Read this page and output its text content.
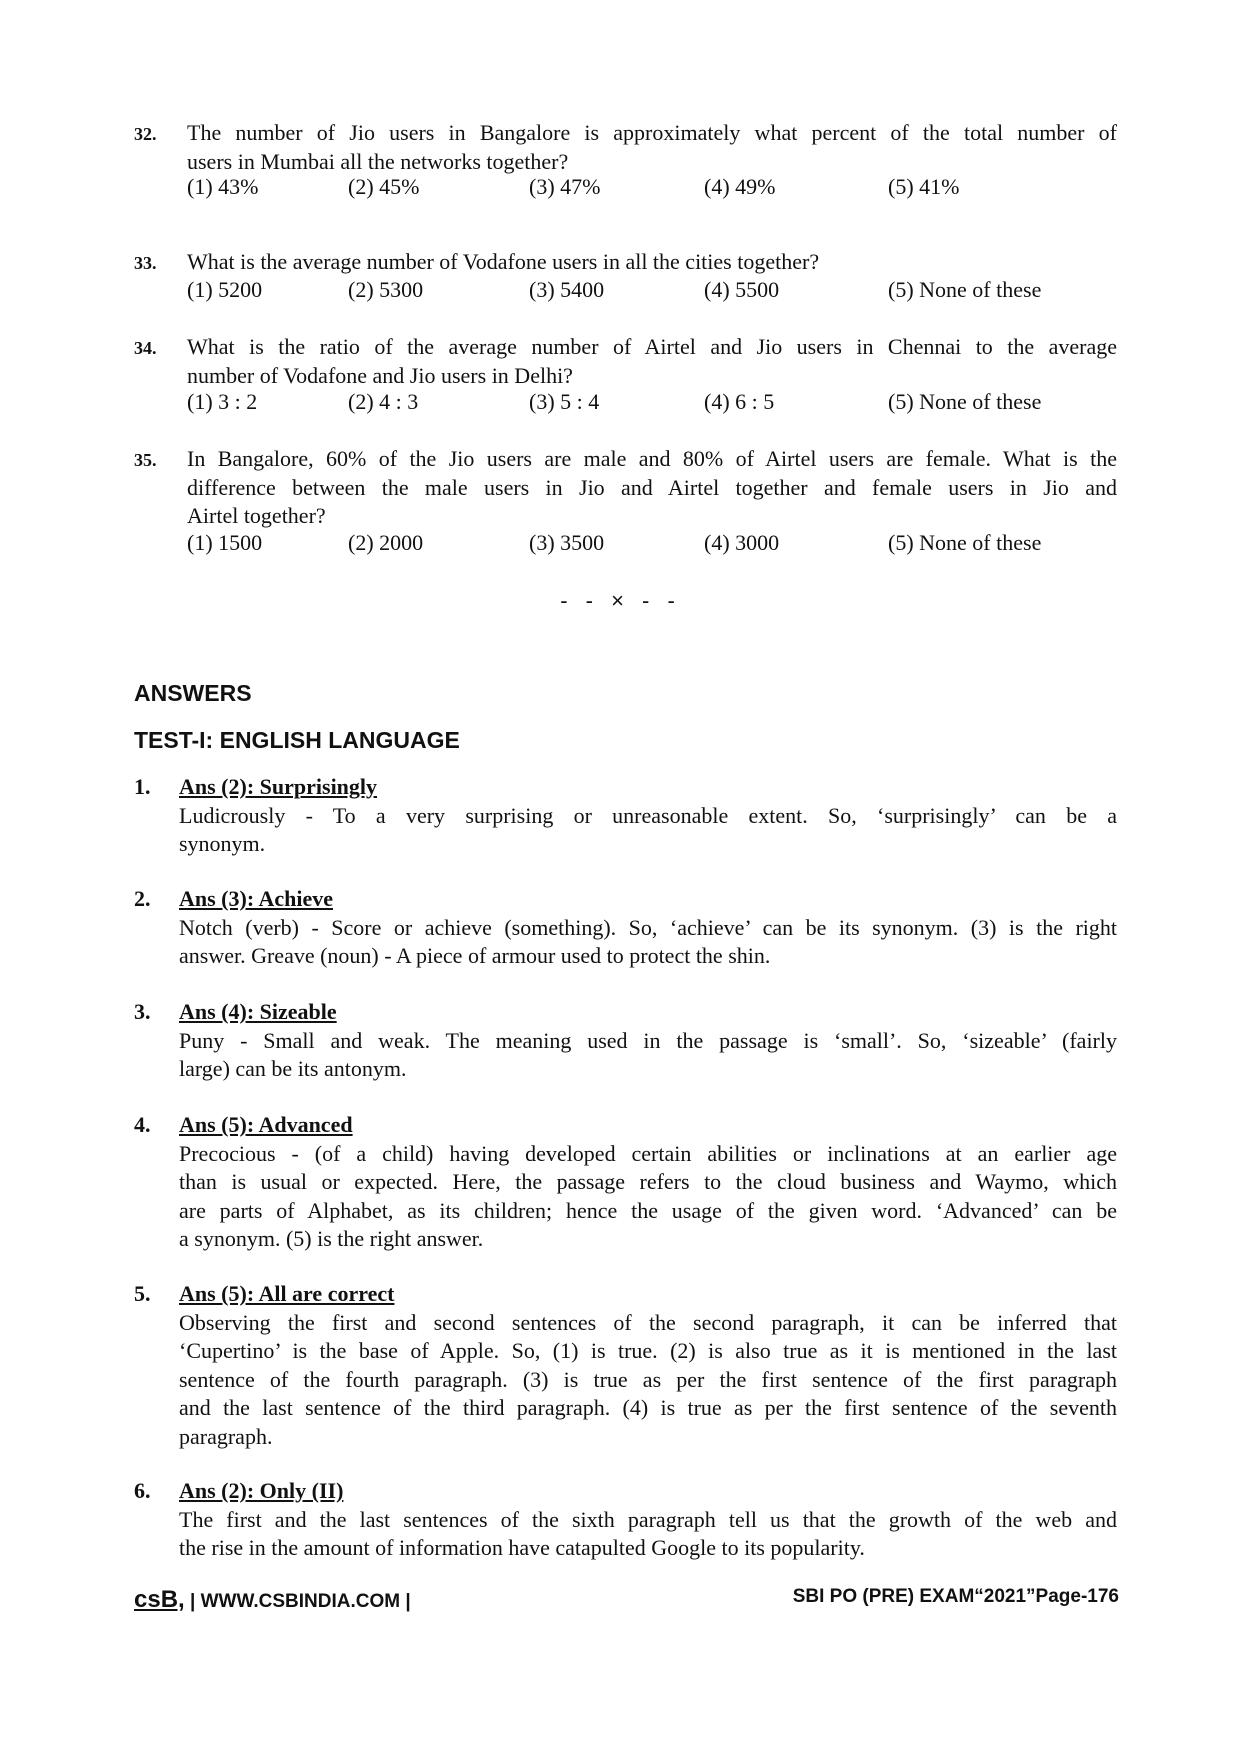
32. The number of Jio users in Bangalore is approximately what percent of the total number of
users in Mumbai all the networks together?
(1) 43%	(2) 45%	(3) 47%	(4) 49%	(5) 41%
33. What is the average number of Vodafone users in all the cities together?
(1) 5200	(2) 5300	(3) 5400	(4) 5500	(5) None of these
34. What is the ratio of the average number of Airtel and Jio users in Chennai to the average
number of Vodafone and Jio users in Delhi?
(1) 3 : 2	(2) 4 : 3	(3) 5 : 4	(4) 6 : 5	(5) None of these
35. In Bangalore, 60% of the Jio users are male and 80% of Airtel users are female. What is the
difference between the male users in Jio and Airtel together and female users in Jio and
Airtel together?
(1) 1500	(2) 2000	(3) 3500	(4) 3000	(5) None of these
- - × - -
ANSWERS
TEST-I: ENGLISH LANGUAGE
1. Ans (2): Surprisingly
Ludicrously - To a very surprising or unreasonable extent. So, ‘surprisingly’ can be a
synonym.
2. Ans (3): Achieve
Notch (verb) - Score or achieve (something). So, ‘achieve’ can be its synonym. (3) is the right
answer. Greave (noun) - A piece of armour used to protect the shin.
3. Ans (4): Sizeable
Puny - Small and weak. The meaning used in the passage is ‘small’. So, ‘sizeable’ (fairly
large) can be its antonym.
4. Ans (5): Advanced
Precocious - (of a child) having developed certain abilities or inclinations at an earlier age
than is usual or expected. Here, the passage refers to the cloud business and Waymo, which
are parts of Alphabet, as its children; hence the usage of the given word. ‘Advanced’ can be
a synonym. (5) is the right answer.
5. Ans (5): All are correct
Observing the first and second sentences of the second paragraph, it can be inferred that
‘Cupertino’ is the base of Apple. So, (1) is true. (2) is also true as it is mentioned in the last
sentence of the fourth paragraph. (3) is true as per the first sentence of the first paragraph
and the last sentence of the third paragraph. (4) is true as per the first sentence of the seventh
paragraph.
6. Ans (2): Only (II)
The first and the last sentences of the sixth paragraph tell us that the growth of the web and
the rise in the amount of information have catapulted Google to its popularity.
csB, | WWW.CSBINDIA.COM |	SBI PO (PRE) EXAM“2021”Page-176
